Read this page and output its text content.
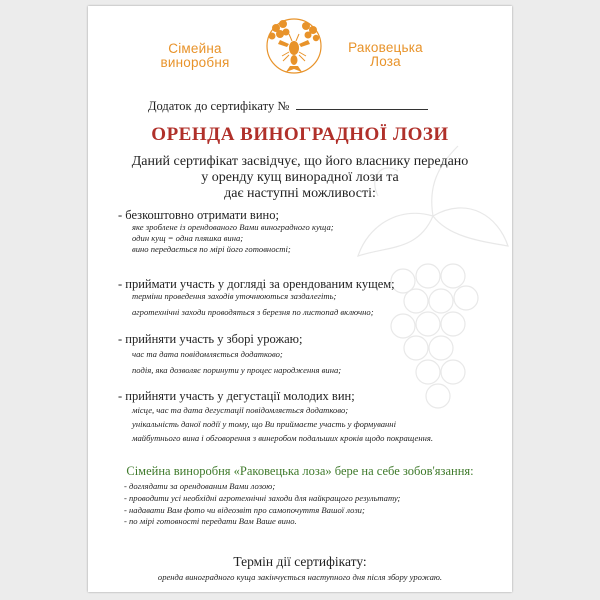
Сімейна
виноробня
Раковецька
Лоза
Додаток до сертифікату №
ОРЕНДА ВИНОГРАДНОЇ ЛОЗИ
Даний сертифікат засвідчує, що його власнику передано
у оренду кущ винорадної лози та
дає наступні можливості:
- безкоштовно отримати вино;
яке зроблене із орендованого Вами виноградного куща;
один кущ = одна пляшка вина;
вино передається по мірі його готовності;
- приймати участь у догляді за орендованим кущем;
терміни проведення заходів уточнюються заздалегіть;
агротехнічні заходи проводяться з березня по листопад включно;
- прийняти участь у зборі урожаю;
час та дата повідомляється додатково;
подія, яка дозволяє поринути у процес народження вина;
- прийняти участь у дегустації молодих вин;
місце, час та дата дегустації повідомляється додатково;
унікальність даної події у тому, що Ви приймаєте участь у формуванні
майбутнього вина і обговорення з винеробом подальших кроків щодо покращення.
Сімейна виноробня «Раковецька лоза» бере на себе зобов'язання:
- доглядати за орендованим Вами лозою;
- проводити усі необхідні агротехнічні заходи для найкращого результату;
- надавати Вам фото чи відеозвіт про самопочуття Вашої лози;
- по мірі готовності передати Вам Ваше вино.
Термін дії сертифікату:
оренда виноградного куща закінчується наступного дня після збору урожаю.
